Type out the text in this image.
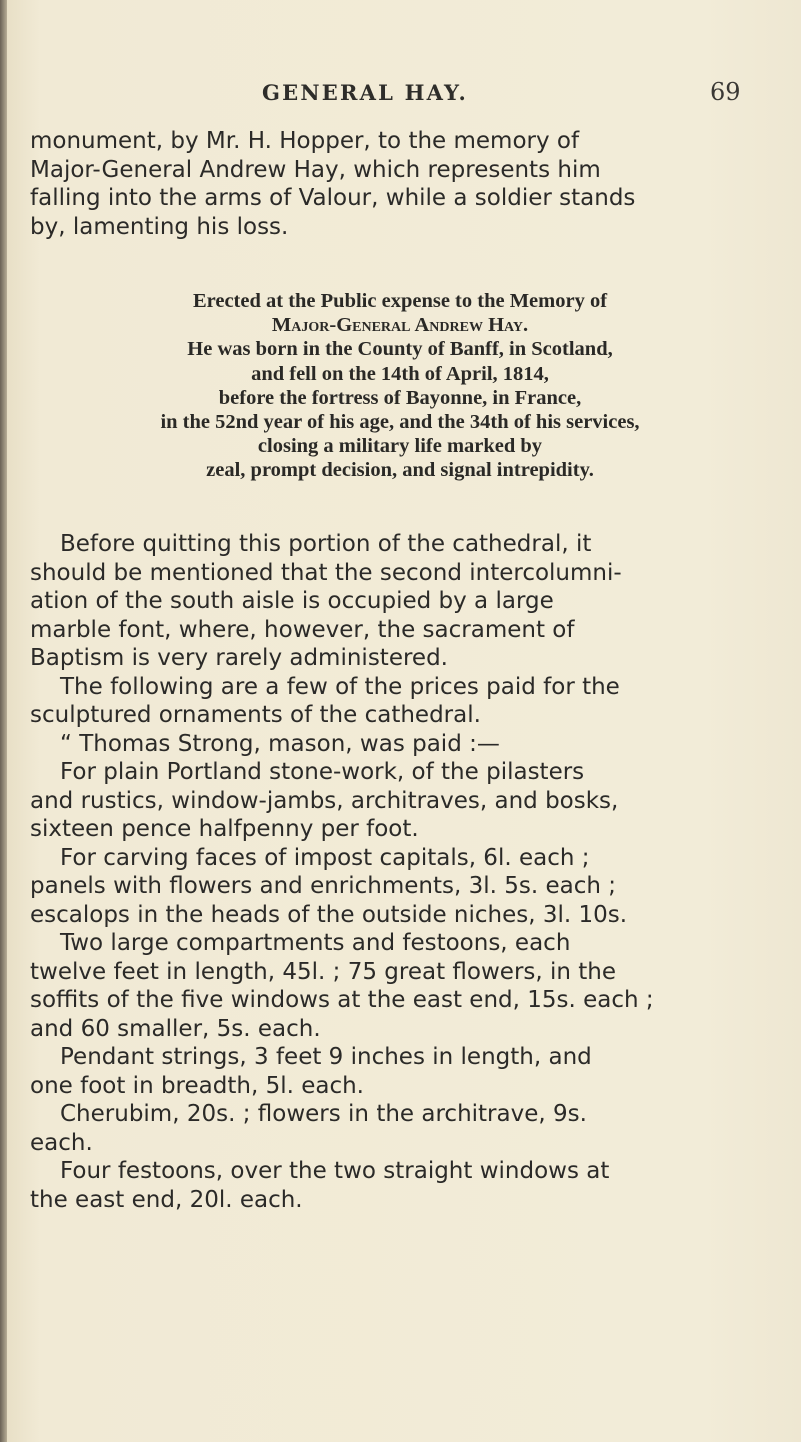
GENERAL HAY.	69

monument, by Mr. H. Hopper, to the memory of

Major-General Andrew Hay, which represents him

falling into the arms of Valour, while a soldier stands

by, lamenting his loss.

Erected at the Public expense to the Memory of
Major-General Andrew Hay.
He was born in the County of Banff, in Scotland,
and fell on the 14th of April, 1814,
before the fortress of Bayonne, in France,
in the 52nd year of his age, and the 34th of his services,
closing a military life marked by
zeal, prompt decision, and signal intrepidity.

Before quitting this portion of the cathedral, it

should be mentioned that the second intercolumni-

ation of the south aisle is occupied by a large

marble font, where, however, the sacrament of

Baptism is very rarely administered.

The following are a few of the prices paid for the

sculptured ornaments of the cathedral.

“ Thomas Strong, mason, was paid :—

For plain Portland stone-work, of the pilasters

and rustics, window-jambs, architraves, and bosks,

sixteen pence halfpenny per foot.

For carving faces of impost capitals, 6l. each ;

panels with flowers and enrichments, 3l. 5s. each ;

escalops in the heads of the outside niches, 3l. 10s.

Two large compartments and festoons, each

twelve feet in length, 45l. ; 75 great flowers, in the

soffits of the five windows at the east end, 15s. each ;

and 60 smaller, 5s. each.

Pendant strings, 3 feet 9 inches in length, and

one foot in breadth, 5l. each.

Cherubim, 20s. ; flowers in the architrave, 9s.

each.

Four festoons, over the two straight windows at

the east end, 20l. each.
